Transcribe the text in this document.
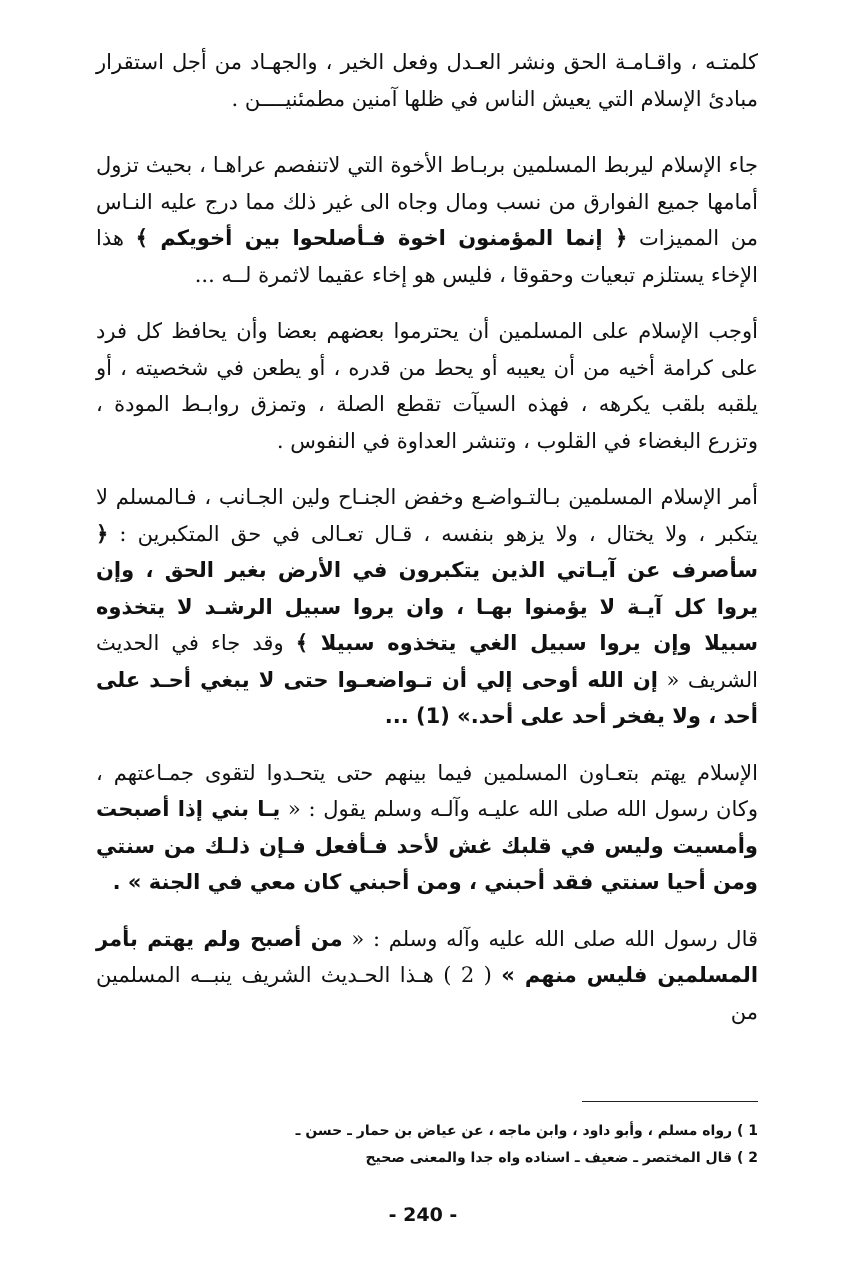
كلمتـه ، واقـامـة الحق ونشر العـدل وفعل الخير ، والجهـاد من أجل استقرار مبادئ الإسلام التي يعيش الناس في ظلها آمنين مطمئنيــــن .

جاء الإسلام ليربط المسلمين بربـاط الأخوة التي لاتنفصم عراهـا ، بحيث تزول أمامها جميع الفوارق من نسب ومال وجاه الى غير ذلك مما درج عليه النـاس من المميزات ﴿ إنما المؤمنون اخوة فـأصلحوا بين أخويكم ﴾ هذا الإخاء يستلزم تبعيات وحقوقا ، فليس هو إخاء عقيما لاثمرة لــه ...

أوجب الإسلام على المسلمين أن يحترموا بعضهم بعضا وأن يحافظ كل فرد على كرامة أخيه من أن يعيبه أو يحط من قدره ، أو يطعن في شخصيته ، أو يلقبه بلقب يكرهه ، فهذه السيآت تقطع الصلة ، وتمزق روابـط المودة ، وتزرع البغضاء في القلوب ، وتنشر العداوة في النفوس .

أمر الإسلام المسلمين بـالتـواضـع وخفض الجنـاح ولين الجـانب ، فـالمسلم لا يتكبر ، ولا يختال ، ولا يزهو بنفسه ، قـال تعـالى في حق المتكبرين : ﴿ سأصرف عن آيـاتي الذين يتكبرون في الأرض بغير الحق ، وإن يروا كل آيـة لا يؤمنوا بهـا ، وان يروا سبيل الرشـد لا يتخذوه سبيلا وإن يروا سبيل الغي يتخذوه سبيلا ﴾ وقد جاء في الحديث الشريف « إن الله أوحى إلي أن تـواضعـوا حتى لا يبغي أحـد على أحد ، ولا يفخر أحد على أحد.» (1) ...

الإسلام يهتم بتعـاون المسلمين فيما بينهم حتى يتحـدوا لتقوى جمـاعتهم ، وكان رسول الله صلى الله عليـه وآلـه وسلم يقول : « يـا بني إذا أصبحت وأمسيت وليس في قلبك غش لأحد فـأفعل فـإن ذلـك من سنتي ومن أحيا سنتي فقد أحبني ، ومن أحبني كان معي في الجنة » .

قال رسول الله صلى الله عليه وآله وسلم : « من أصبح ولم يهتم بأمر المسلمين فليس منهم » ( 2 ) هـذا الحـديث الشريف ينبــه المسلمين من

1 ) رواه مسلم ، وأبو داود ، وابن ماجه ، عن عياض بن حمار ـ حسن ـ

2 ) قال المختصر ـ ضعيف ـ اسناده واه جدا والمعنى صحيح

- 240 -
